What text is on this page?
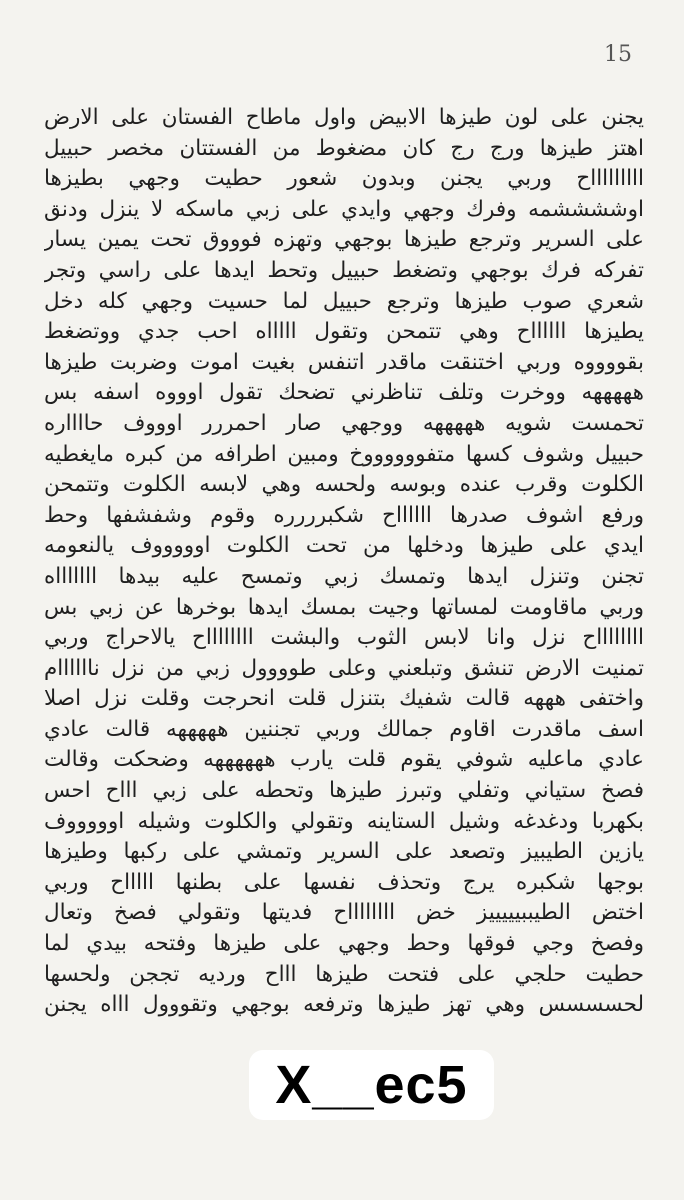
15
يجنن على لون طيزها الابيض واول ماطاح الفستان على الارض
اهتز طيزها ورج رج كان مضغوط من الفستتان مخصر حبييل
اااااااااح وربي يجنن وبدون شعور حطيت وجهي بطيزها
اوششششمه وفرك وجهي وايدي على زبي ماسكه لا ينزل ودنق
على السرير وترجع طيزها بوجهي وتهزه فوووق تحت يمين يسار
تفركه فرك بوجهي وتضغط حبييل وتحط ايدها على راسي وتجر
شعري صوب طيزها وترجع حبييل لما حسيت وجهي كله دخل
يطيزها ااااااح وهي تتمحن وتقول اااااه احب جدي ووتضغط
بقووووه وربي اختنقت ماقدر اتنفس بغيت اموت وضربت طيزها
هههههه ووخرت وتلف تناظرني تضحك تقول اوووه اسفه بس
تحمست شويه هههههه ووجهي صار احمررر اوووف حااااره
حبييل وشوف كسها متفووووووخ ومبين اطرافه من كبره مايغطيه
الكلوت وقرب عنده وبوسه ولحسه وهي لابسه الكلوت وتتمحن
ورفع اشوف صدرها ااااااح شكبرررره وقوم وشفشفها وحط
ايدي على طيزها ودخلها من تحت الكلوت اوووووف يالنعومه
تجنن وتنزل ايدها وتمسك زبي وتمسح عليه بيدها اااااااه
وربي ماقاومت لمساتها وجيت بمسك ايدها بوخرها عن زبي بس
ااااااااح نزل وانا لابس الثوب والبشت ااااااااح يالاحراج وربي
تمنيت الارض تنشق وتبلعني وعلى طوووول زبي من نزل ناااااام
واختفى هههه قالت شفيك بتنزل قلت انحرجت وقلت نزل اصلا
اسف ماقدرت اقاوم جمالك وربي تجننين هههههه قالت عادي
عادي ماعليه شوفي يقوم قلت يارب ههههههه وضحكت وقالت
فصخ ستياني وتفلي وتبرز طيزها وتحطه على زبي اااح احس
بكهربا ودغدغه وشيل الستاينه وتقولي والكلوت وشيله اوووووف
يازين الطيبيز وتصعد على السرير وتمشي على ركبها وطيزها
بوجها شكبره يرج وتحذف نفسها على بطنها اااااح وربي
اختض الطيببيييييز خض ااااااااح فديتها وتقولي فصخ وتعال
وفصخ وجي فوقها وحط وجهي على طيزها وفتحه بيدي لما
حطيت حلجي على فتحت طيزها اااح ورديه تججن ولحسها
لحسسسس وهي تهز طيزها وترفعه بوجهي وتقووول اااه يجنن
X__ec5
